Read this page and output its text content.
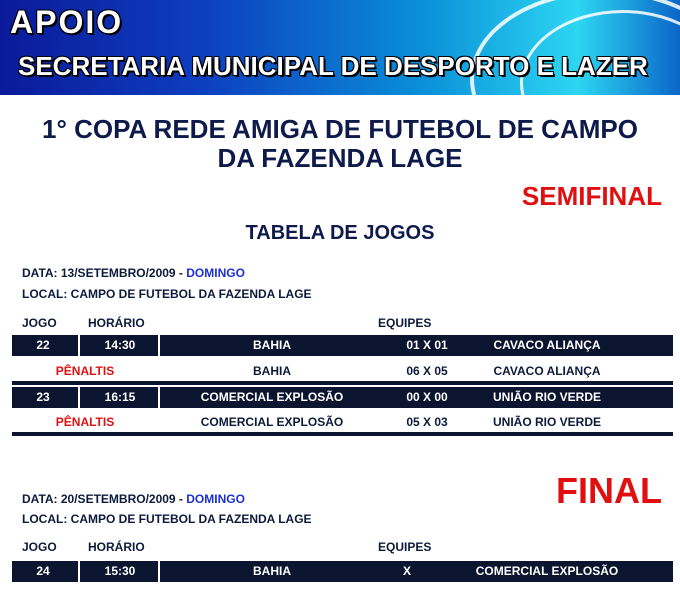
APOIO
SECRETARIA MUNICIPAL DE DESPORTO E LAZER
1° COPA REDE AMIGA DE FUTEBOL DE CAMPO
DA FAZENDA LAGE
SEMIFINAL
TABELA DE JOGOS
DATA: 13/SETEMBRO/2009 - DOMINGO
LOCAL: CAMPO DE FUTEBOL DA FAZENDA LAGE
JOGO	HORÁRIO	EQUIPES
22	14:30	BAHIA	01 X 01	CAVACO ALIANÇA
PÊNALTIS	BAHIA	06 X 05	CAVACO ALIANÇA
23	16:15	COMERCIAL EXPLOSÃO	00 X 00	UNIÃO RIO VERDE
PÊNALTIS	COMERCIAL EXPLOSÃO	05 X 03	UNIÃO RIO VERDE
FINAL
DATA: 20/SETEMBRO/2009 - DOMINGO
LOCAL: CAMPO DE FUTEBOL DA FAZENDA LAGE
JOGO	HORÁRIO	EQUIPES
24	15:30	BAHIA	X	COMERCIAL EXPLOSÃO
